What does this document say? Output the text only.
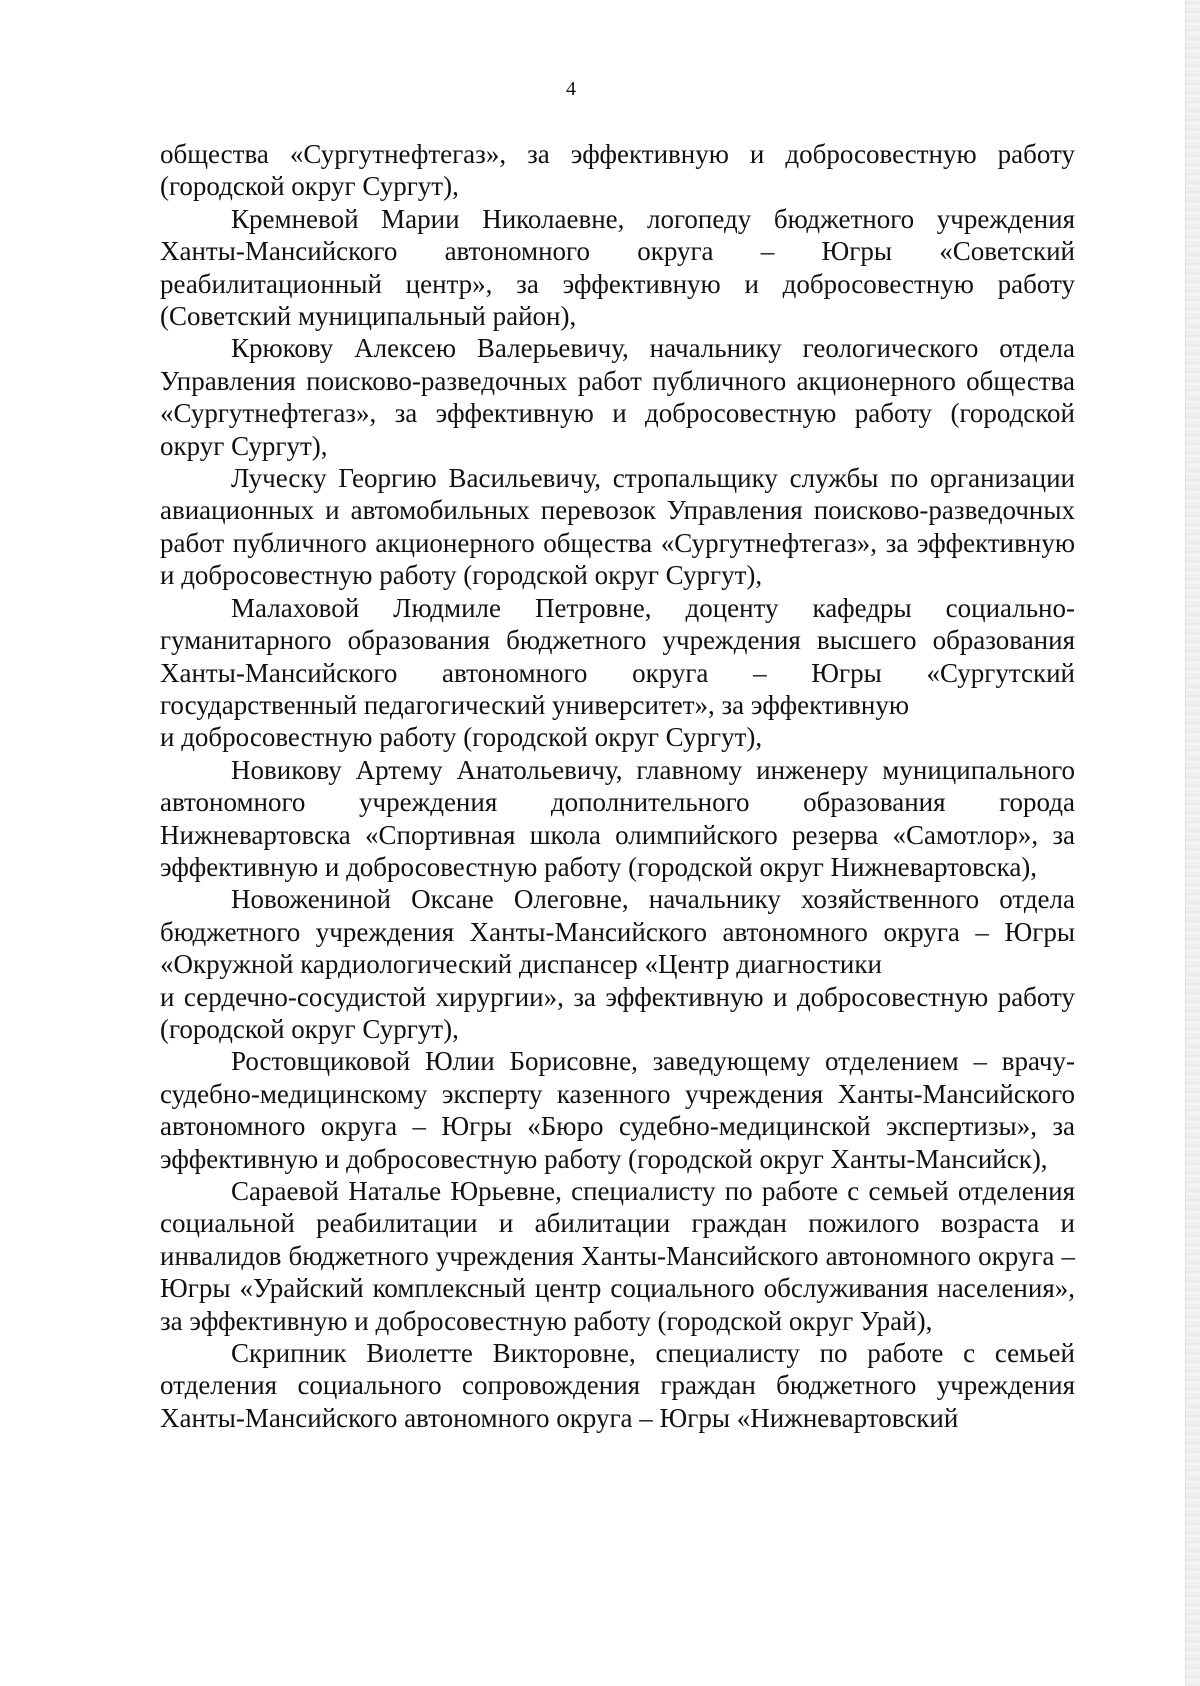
4

общества «Сургутнефтегаз», за эффективную и добросовестную работу (городской округ Сургут),

Кремневой Марии Николаевне, логопеду бюджетного учреждения Ханты-Мансийского автономного округа – Югры «Советский реабилитационный центр», за эффективную и добросовестную работу (Советский муниципальный район),

Крюкову Алексею Валерьевичу, начальнику геологического отдела Управления поисково-разведочных работ публичного акционерного общества «Сургутнефтегаз», за эффективную и добросовестную работу (городской округ Сургут),

Луческу Георгию Васильевичу, стропальщику службы по организации авиационных и автомобильных перевозок Управления поисково-разведочных работ публичного акционерного общества «Сургутнефтегаз», за эффективную и добросовестную работу (городской округ Сургут),

Малаховой Людмиле Петровне, доценту кафедры социально-гуманитарного образования бюджетного учреждения высшего образования Ханты-Мансийского автономного округа – Югры «Сургутский государственный педагогический университет», за эффективную
и добросовестную работу (городской округ Сургут),

Новикову Артему Анатольевичу, главному инженеру муниципального автономного учреждения дополнительного образования города Нижневартовска «Спортивная школа олимпийского резерва «Самотлор», за эффективную и добросовестную работу (городской округ Нижневартовска),

Новожениной Оксане Олеговне, начальнику хозяйственного отдела бюджетного учреждения Ханты-Мансийского автономного округа – Югры «Окружной кардиологический диспансер «Центр диагностики
и сердечно-сосудистой хирургии», за эффективную и добросовестную работу (городской округ Сургут),

Ростовщиковой Юлии Борисовне, заведующему отделением – врачу-судебно-медицинскому эксперту казенного учреждения Ханты-Мансийского автономного округа – Югры «Бюро судебно-медицинской экспертизы», за эффективную и добросовестную работу (городской округ Ханты-Мансийск),

Сараевой Наталье Юрьевне, специалисту по работе с семьей отделения социальной реабилитации и абилитации граждан пожилого возраста и инвалидов бюджетного учреждения Ханты-Мансийского автономного округа – Югры «Урайский комплексный центр социального обслуживания населения», за эффективную и добросовестную работу (городской округ Урай),

Скрипник Виолетте Викторовне, специалисту по работе с семьей отделения социального сопровождения граждан бюджетного учреждения Ханты-Мансийского автономного округа – Югры «Нижневартовский
